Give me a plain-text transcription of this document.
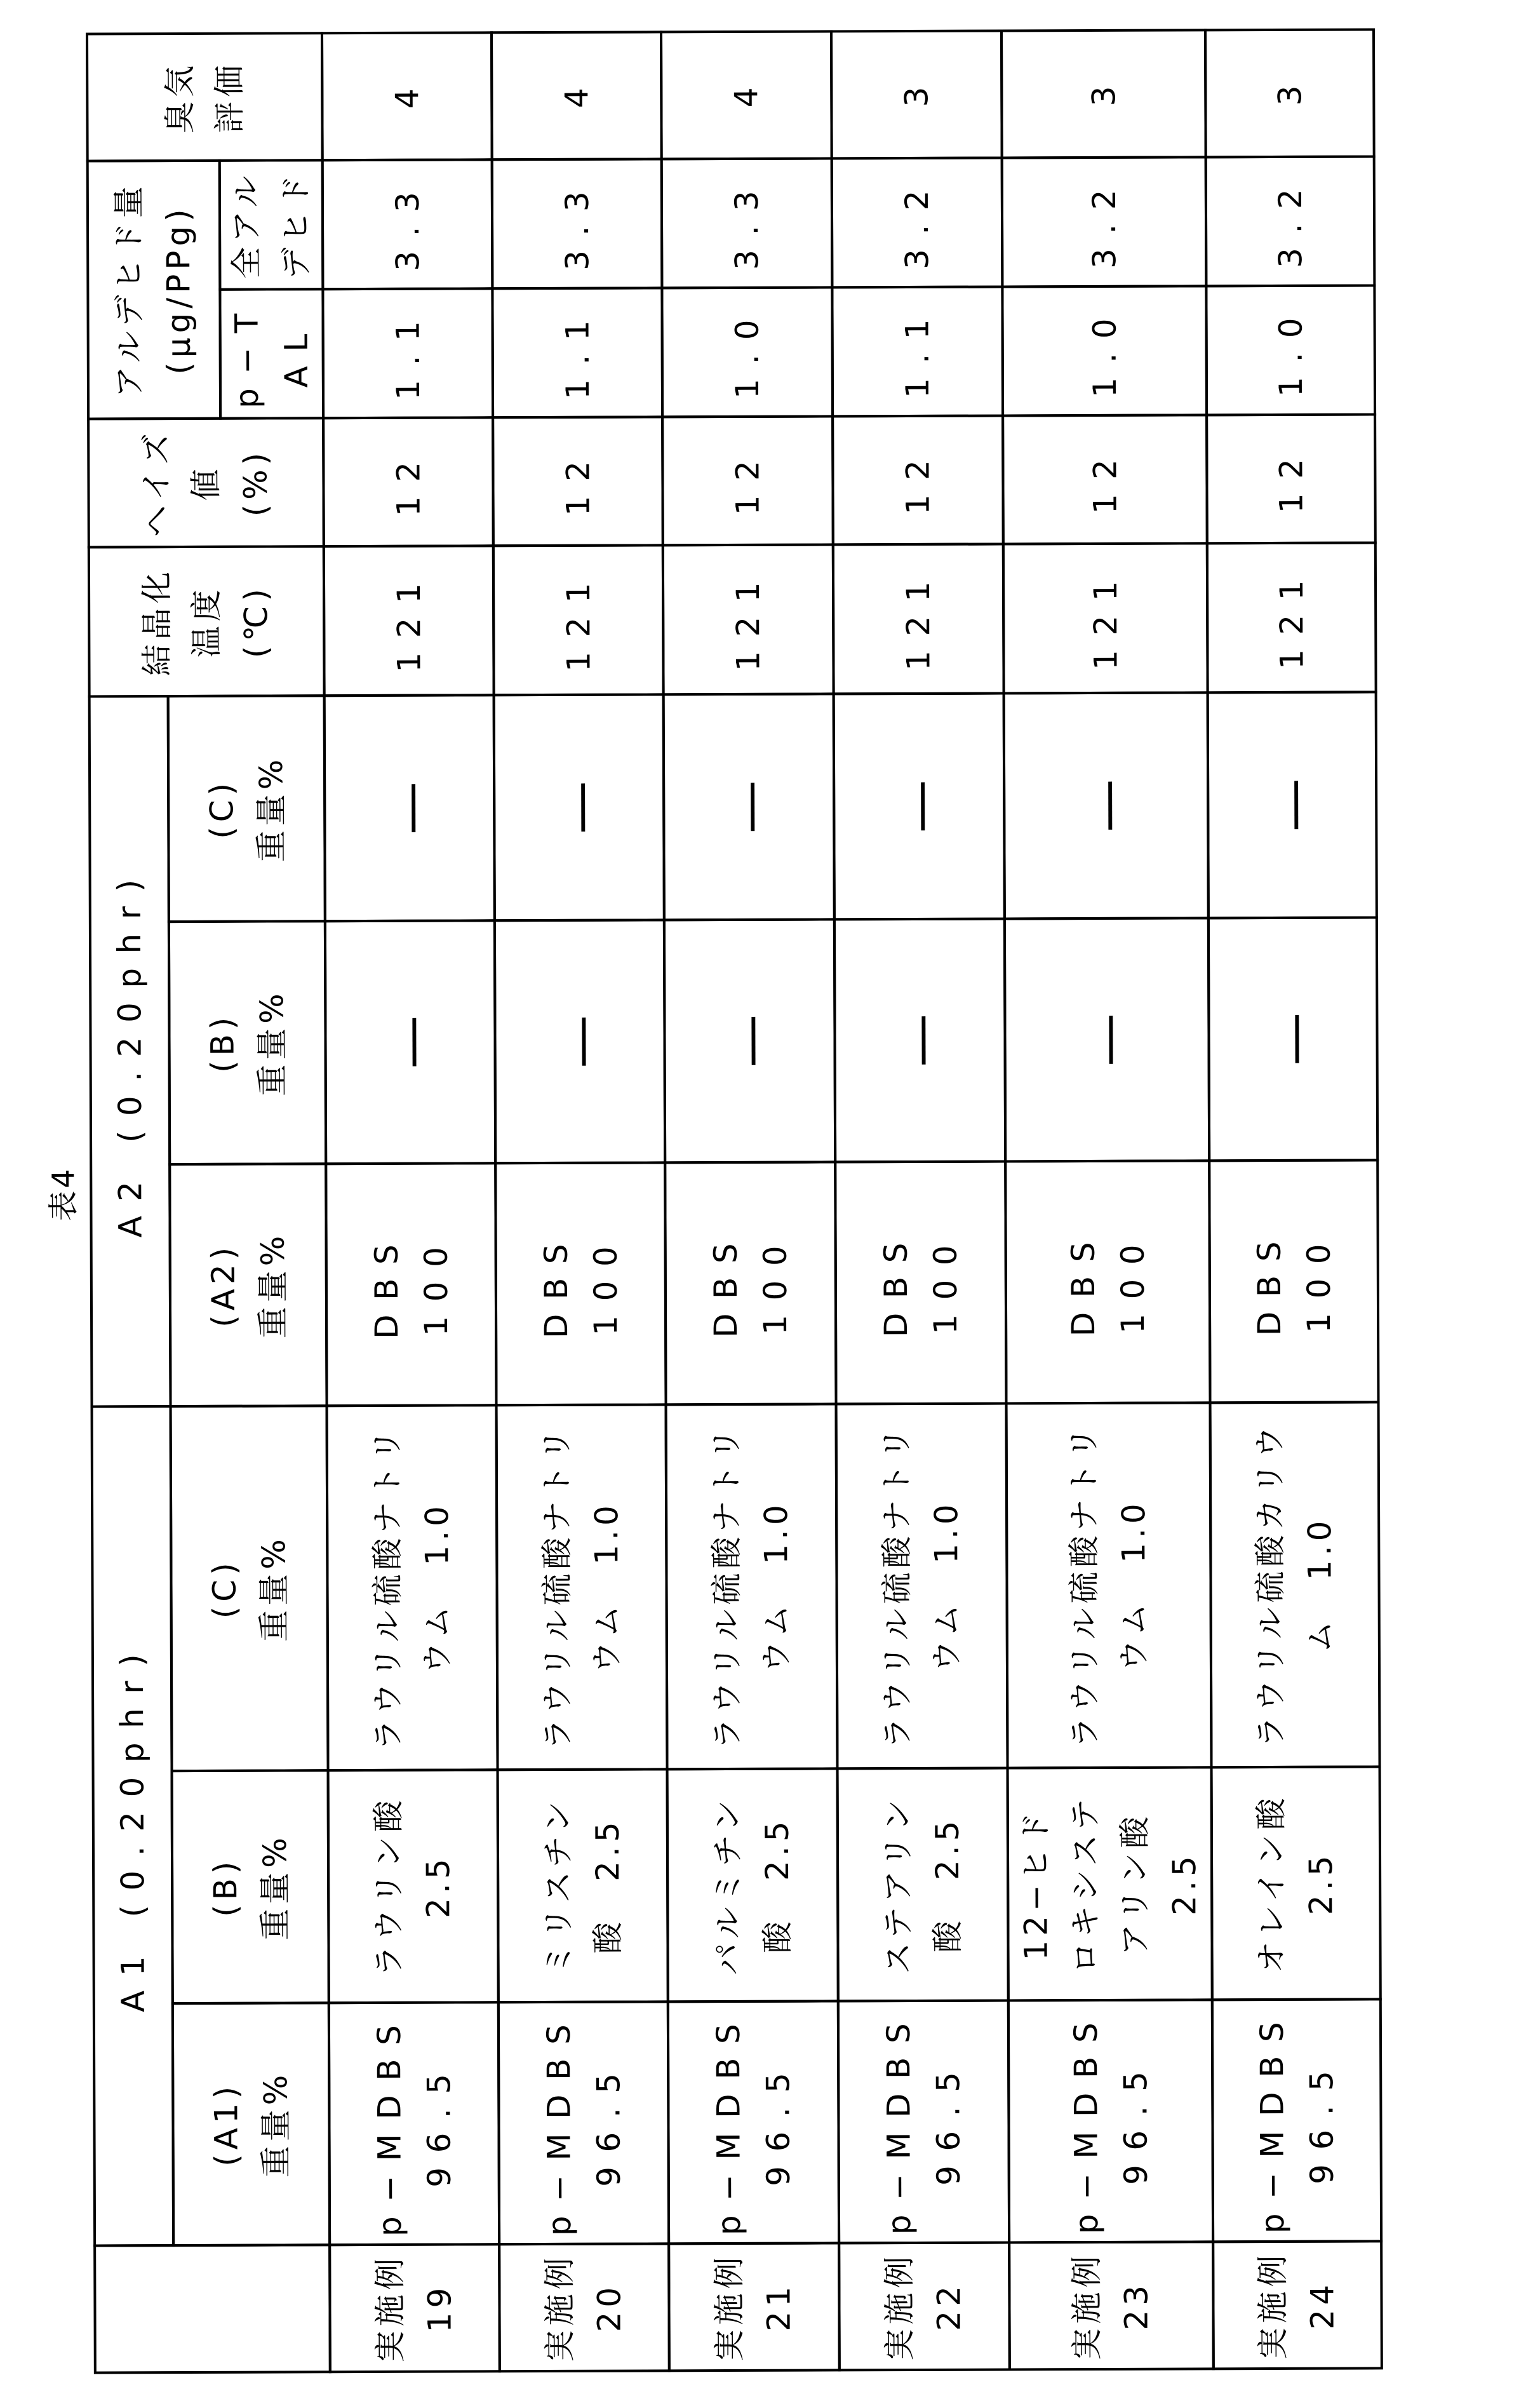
表4
A1 (0.20phr)
(A1)
重量%
(B)
重量%
(C)
重量%
A2 (0.20phr)
(A2)
重量%
(B)
重量%
(C)
重量%
結晶化
温度
(℃)
ヘイズ
値
(%)
アルデヒド量
(μg/PPg) p−T
AL
全アル
デヒド
臭気
評価
実施例
19
p−MDBS
96.5
ラウリン酸
2.5
ラウリル硫酸ナトリ
ウム　1.0
DBS
100
—
—
121
12
1.1
3.3
4
実施例
20
p−MDBS
96.5
ミリスチン
酸　2.5
ラウリル硫酸ナトリ
ウム　1.0
DBS
100
—
—
121
12
1.1
3.3
4
実施例
21
p−MDBS
96.5
パルミチン
酸　2.5
ラウリル硫酸ナトリ
ウム　1.0
DBS
100
—
—
121
12
1.0
3.3
4
実施例
22
p−MDBS
96.5
ステアリン
酸　2.5
ラウリル硫酸ナトリ
ウム　1.0
DBS
100
—
—
121
12
1.1
3.2
3
実施例
23
p−MDBS
96.5
12−ヒド
ロキシステ
アリン酸
2.5
ラウリル硫酸ナトリ
ウム　1.0
DBS
100
—
—
121
12
1.0
3.2
3
実施例
24
p−MDBS
96.5
オレイン酸
2.5
ラウリル硫酸カリウ
ム　1.0
DBS
100
—
—
121
12
1.0
3.2
3
